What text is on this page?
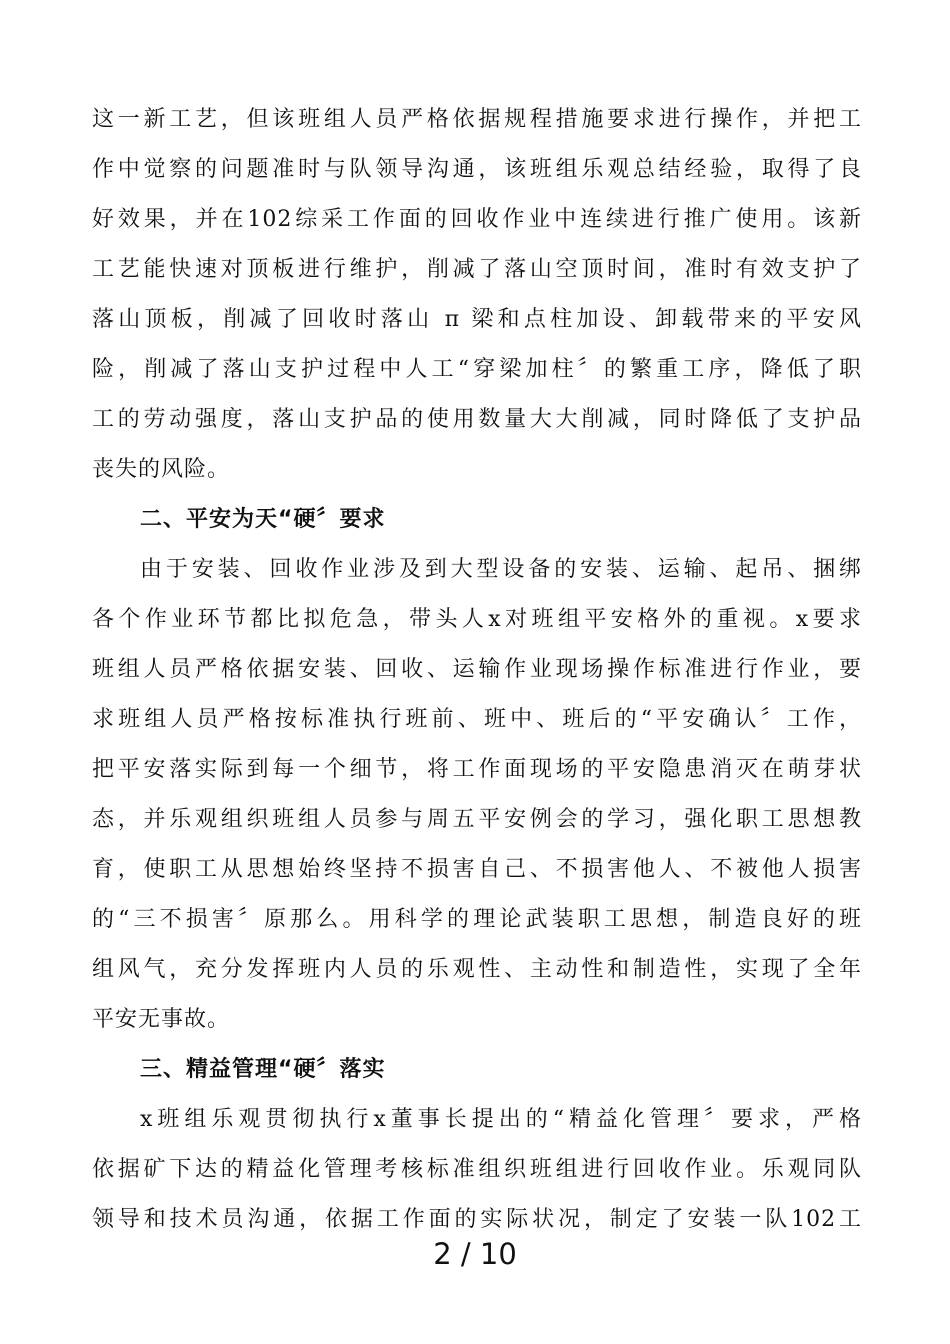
这一新工艺，但该班组人员严格依据规程措施要求进行操作，并把工
作中觉察的问题准时与队领导沟通，该班组乐观总结经验，取得了良
好效果，并在102综采工作面的回收作业中连续进行推广使用。该新
工艺能快速对顶板进行维护，削减了落山空顶时间，准时有效支护了
落山顶板，削减了回收时落山 π 梁和点柱加设、卸载带来的平安风
险，削减了落山支护过程中人工“穿梁加柱〞的繁重工序，降低了职
工的劳动强度，落山支护品的使用数量大大削减，同时降低了支护品
丧失的风险。
二、平安为天“硬〞要求
由于安装、回收作业涉及到大型设备的安装、运输、起吊、捆绑
各个作业环节都比拟危急，带头人x对班组平安格外的重视。x要求
班组人员严格依据安装、回收、运输作业现场操作标准进行作业，要
求班组人员严格按标准执行班前、班中、班后的“平安确认〞工作，
把平安落实际到每一个细节，将工作面现场的平安隐患消灭在萌芽状
态，并乐观组织班组人员参与周五平安例会的学习，强化职工思想教
育，使职工从思想始终坚持不损害自己、不损害他人、不被他人损害
的“三不损害〞原那么。用科学的理论武装职工思想，制造良好的班
组风气，充分发挥班内人员的乐观性、主动性和制造性，实现了全年
平安无事故。
三、精益管理“硬〞落实
x班组乐观贯彻执行x董事长提出的“精益化管理〞要求，严格
依据矿下达的精益化管理考核标准组织班组进行回收作业。乐观同队
领导和技术员沟通，依据工作面的实际状况，制定了安装一队102工
2 / 10
